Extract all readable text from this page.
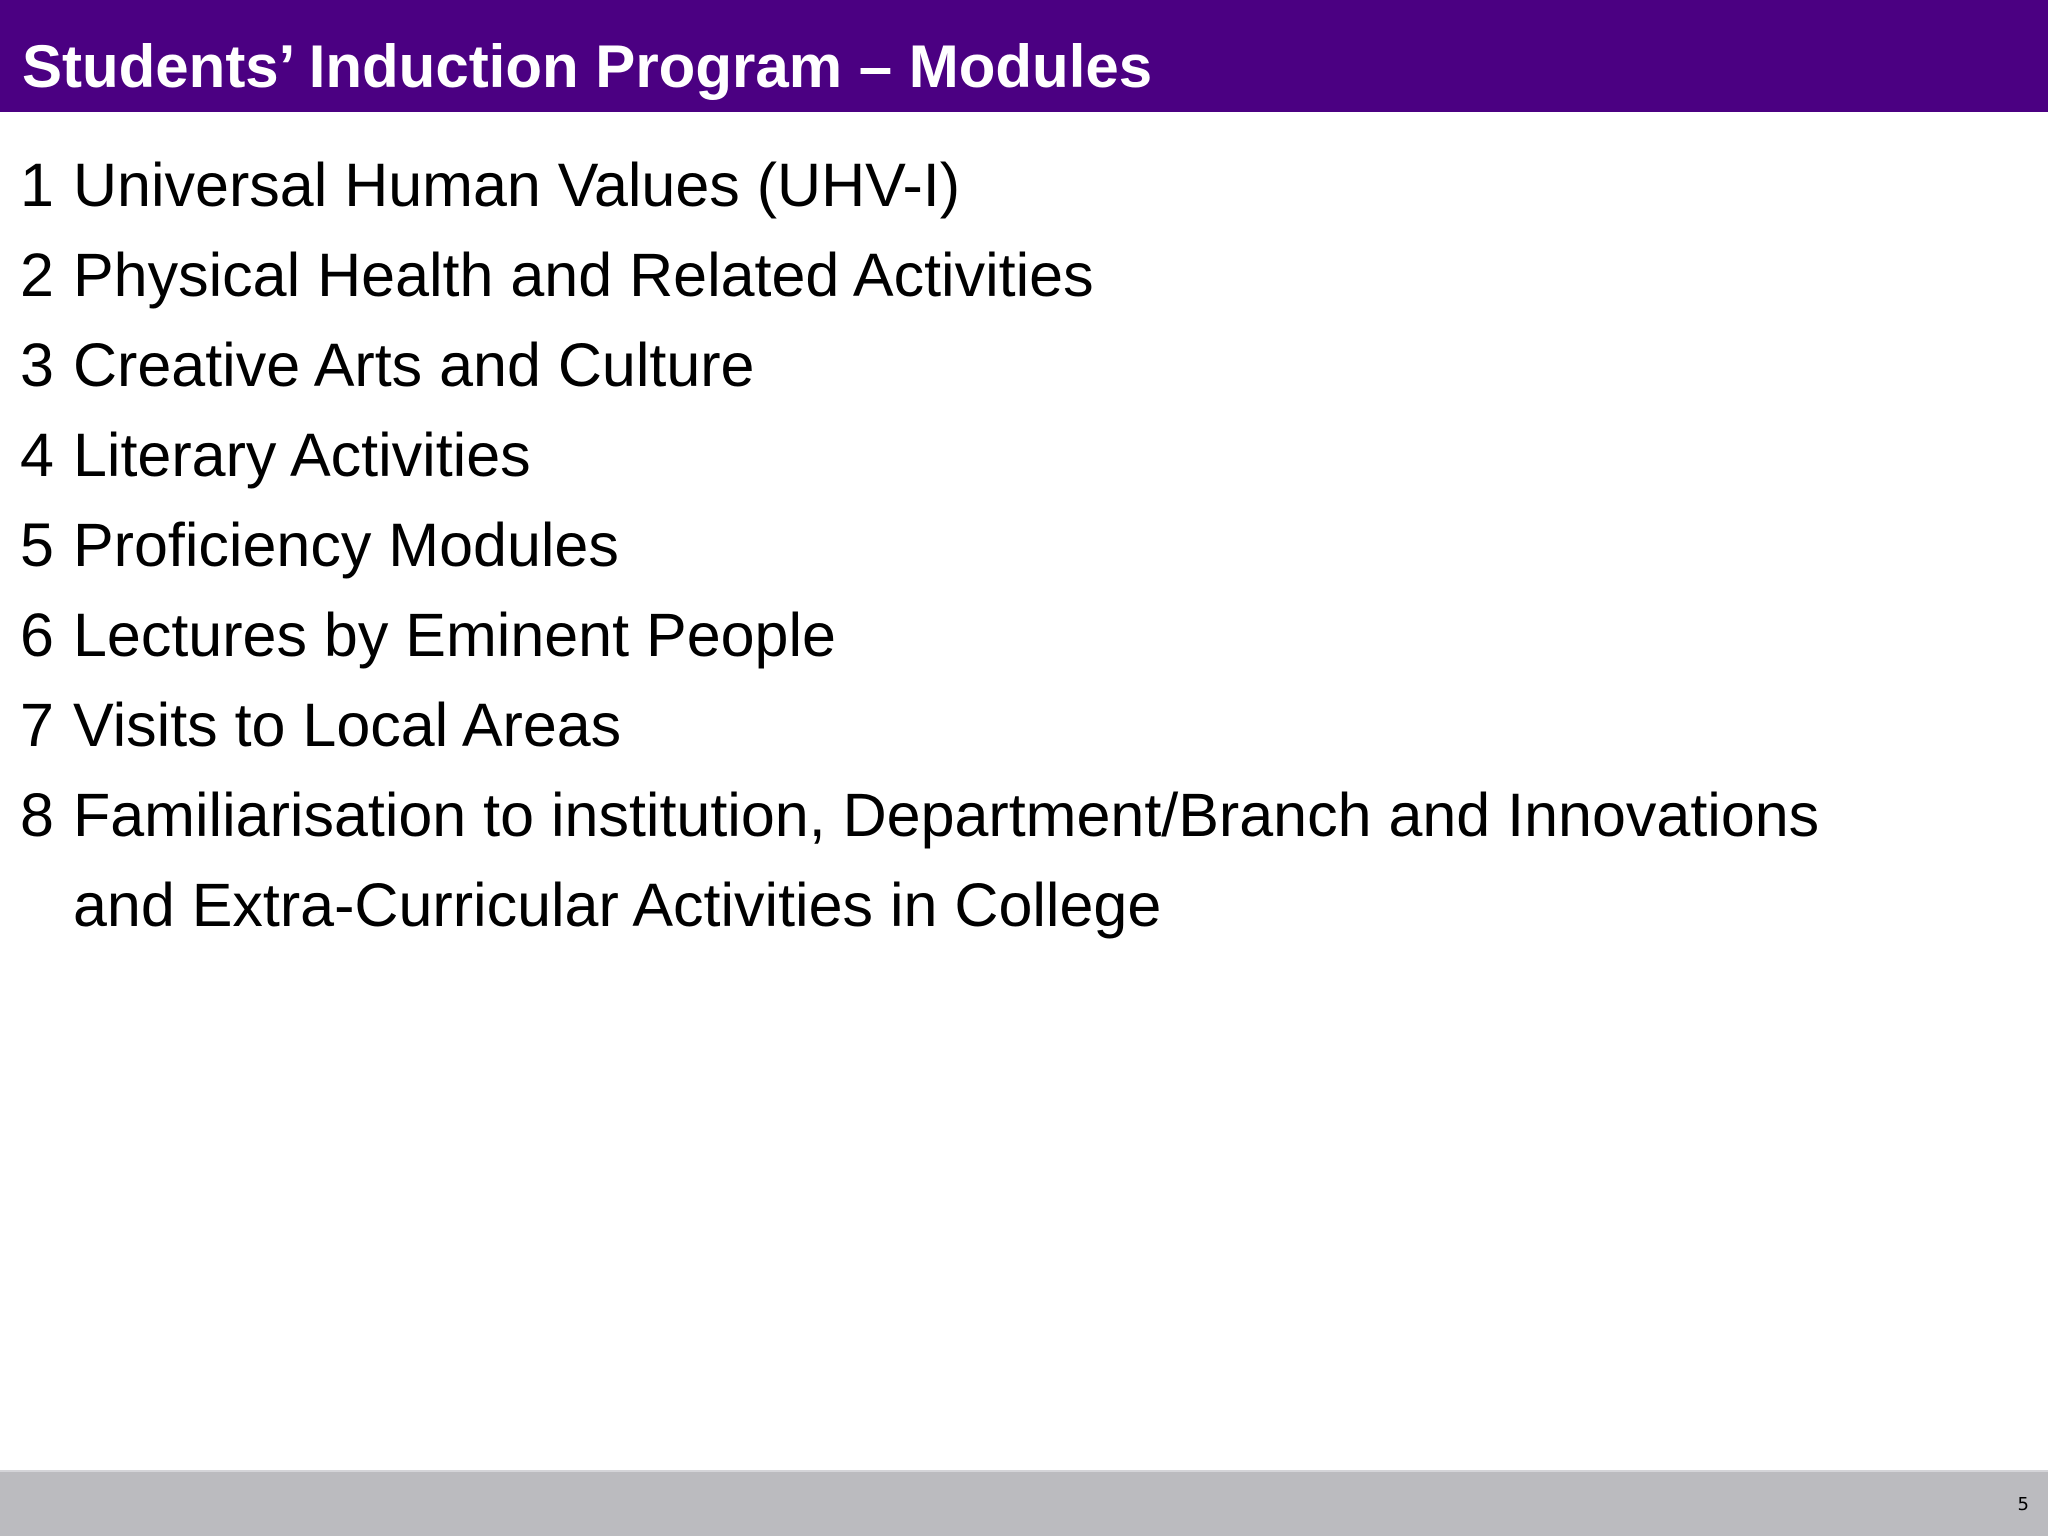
Students’ Induction Program – Modules
1 Universal Human Values (UHV-I)
2 Physical Health and Related Activities
3 Creative Arts and Culture
4 Literary Activities
5 Proficiency Modules
6 Lectures by Eminent People
7 Visits to Local Areas
8 Familiarisation to institution, Department/Branch and Innovations
and Extra-Curricular Activities in College
5
